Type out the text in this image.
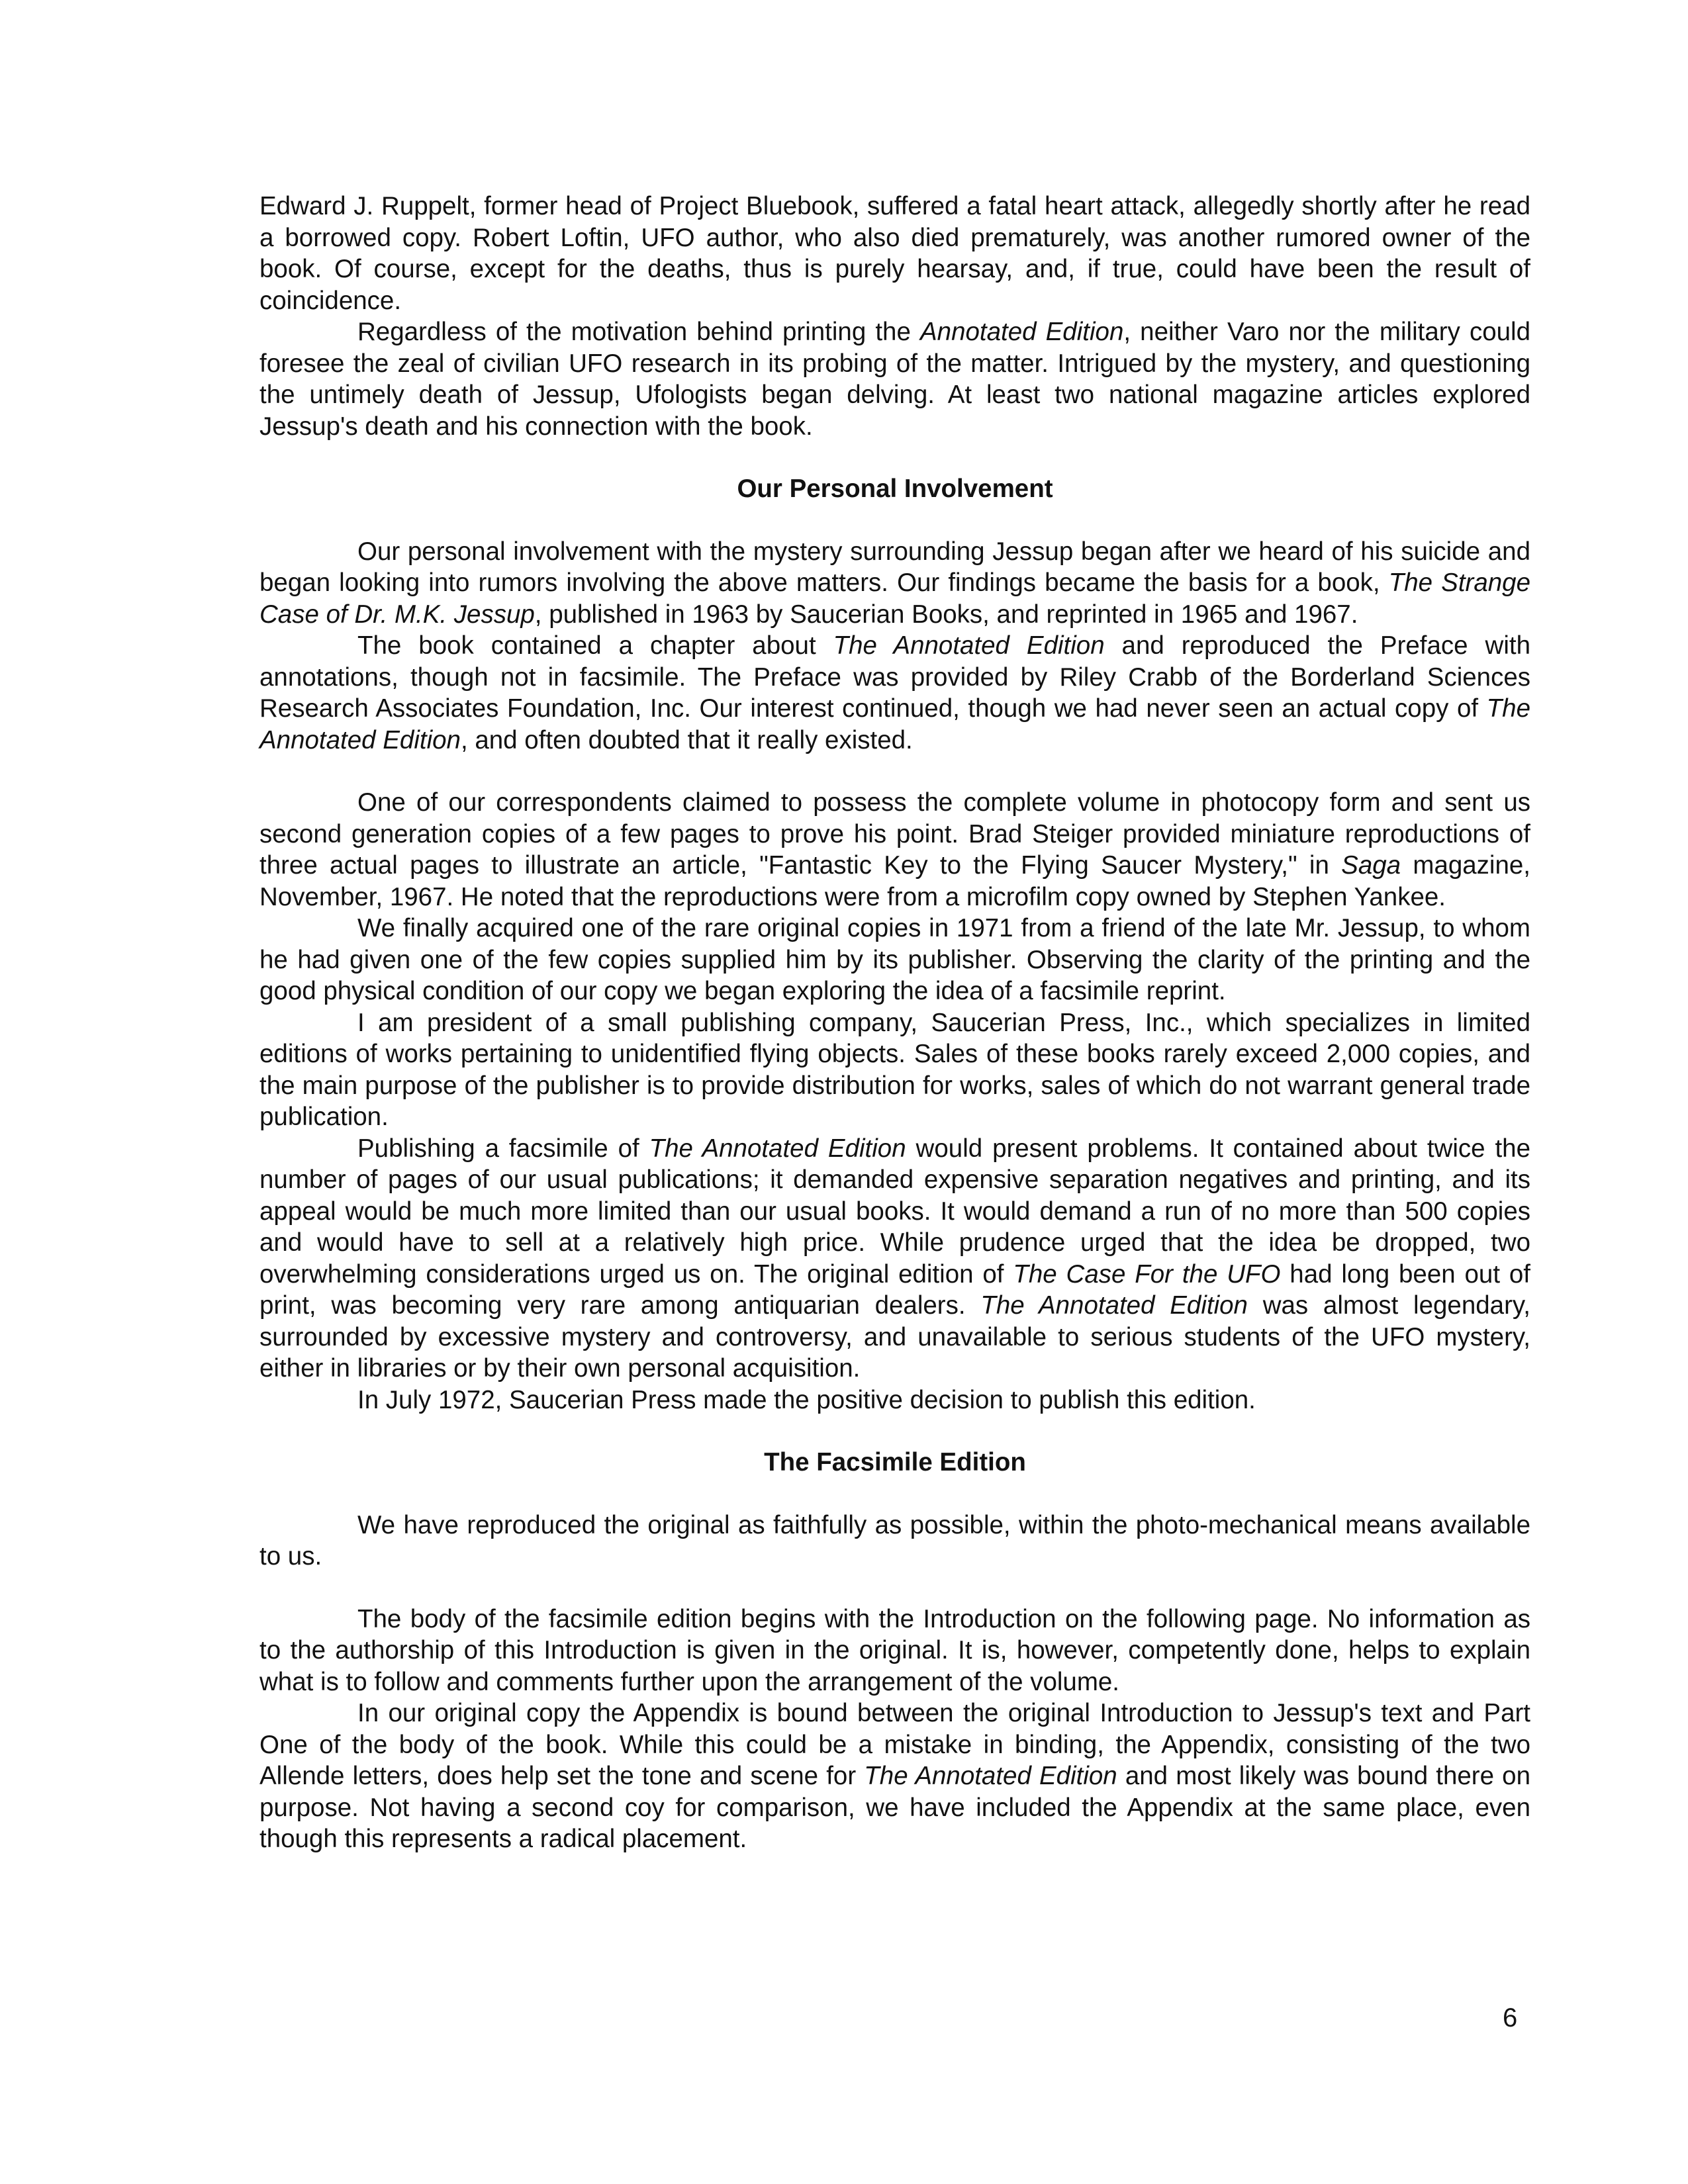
Edward J. Ruppelt, former head of Project Bluebook, suffered a fatal heart attack, allegedly shortly after he read a borrowed copy. Robert Loftin, UFO author, who also died prematurely, was another rumored owner of the book. Of course, except for the deaths, thus is purely hearsay, and, if true, could have been the result of coincidence.

Regardless of the motivation behind printing the Annotated Edition, neither Varo nor the military could foresee the zeal of civilian UFO research in its probing of the matter. Intrigued by the mystery, and questioning the untimely death of Jessup, Ufologists began delving. At least two national magazine articles explored Jessup's death and his connection with the book.

Our Personal Involvement

Our personal involvement with the mystery surrounding Jessup began after we heard of his suicide and began looking into rumors involving the above matters. Our findings became the basis for a book, The Strange Case of Dr. M.K. Jessup, published in 1963 by Saucerian Books, and reprinted in 1965 and 1967.

The book contained a chapter about The Annotated Edition and reproduced the Preface with annotations, though not in facsimile. The Preface was provided by Riley Crabb of the Borderland Sciences Research Associates Foundation, Inc. Our interest continued, though we had never seen an actual copy of The Annotated Edition, and often doubted that it really existed.

One of our correspondents claimed to possess the complete volume in photocopy form and sent us second generation copies of a few pages to prove his point. Brad Steiger provided miniature reproductions of three actual pages to illustrate an article, "Fantastic Key to the Flying Saucer Mystery," in Saga magazine, November, 1967. He noted that the reproductions were from a microfilm copy owned by Stephen Yankee.

We finally acquired one of the rare original copies in 1971 from a friend of the late Mr. Jessup, to whom he had given one of the few copies supplied him by its publisher. Observing the clarity of the printing and the good physical condition of our copy we began exploring the idea of a facsimile reprint.

I am president of a small publishing company, Saucerian Press, Inc., which specializes in limited editions of works pertaining to unidentified flying objects. Sales of these books rarely exceed 2,000 copies, and the main purpose of the publisher is to provide distribution for works, sales of which do not warrant general trade publication.

Publishing a facsimile of The Annotated Edition would present problems. It contained about twice the number of pages of our usual publications; it demanded expensive separation negatives and printing, and its appeal would be much more limited than our usual books. It would demand a run of no more than 500 copies and would have to sell at a relatively high price. While prudence urged that the idea be dropped, two overwhelming considerations urged us on. The original edition of The Case For the UFO had long been out of print, was becoming very rare among antiquarian dealers. The Annotated Edition was almost legendary, surrounded by excessive mystery and controversy, and unavailable to serious students of the UFO mystery, either in libraries or by their own personal acquisition.

In July 1972, Saucerian Press made the positive decision to publish this edition.

The Facsimile Edition

We have reproduced the original as faithfully as possible, within the photo-mechanical means available to us.

The body of the facsimile edition begins with the Introduction on the following page. No information as to the authorship of this Introduction is given in the original. It is, however, competently done, helps to explain what is to follow and comments further upon the arrangement of the volume.

In our original copy the Appendix is bound between the original Introduction to Jessup's text and Part One of the body of the book. While this could be a mistake in binding, the Appendix, consisting of the two Allende letters, does help set the tone and scene for The Annotated Edition and most likely was bound there on purpose. Not having a second coy for comparison, we have included the Appendix at the same place, even though this represents a radical placement.

6
